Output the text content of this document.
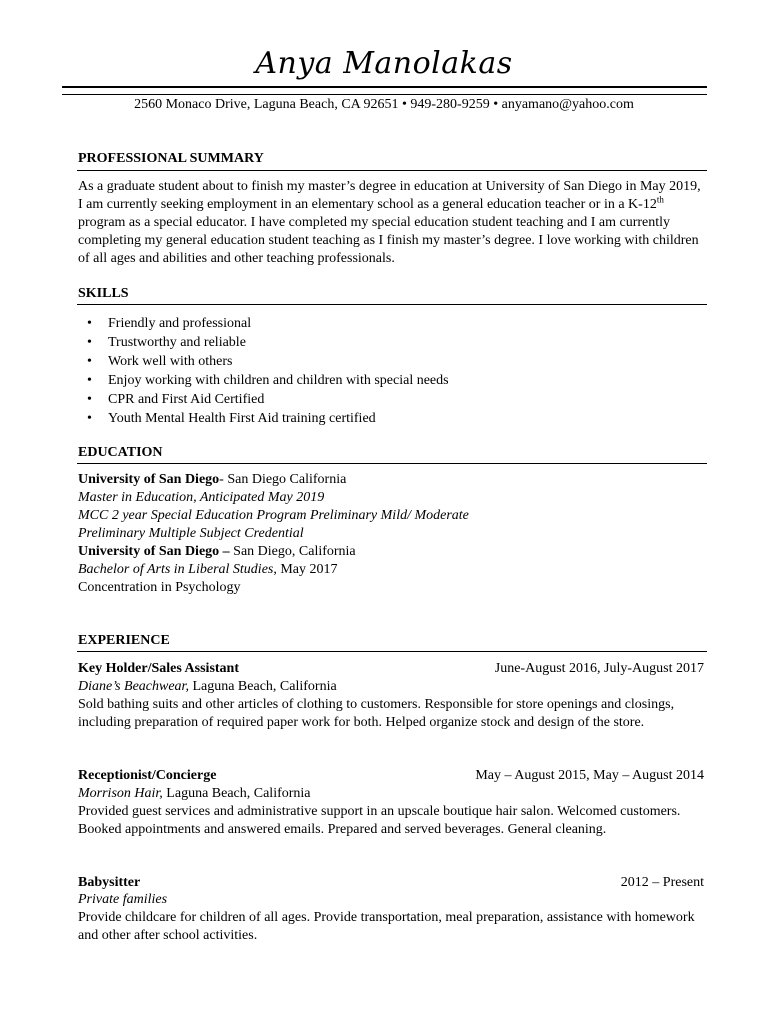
Anya Manolakas
2560 Monaco Drive, Laguna Beach, CA 92651 • 949-280-9259 • anyamano@yahoo.com
PROFESSIONAL SUMMARY
As a graduate student about to finish my master’s degree in education at University of San Diego in May 2019, I am currently seeking employment in an elementary school as a general education teacher or in a K-12th program as a special educator. I have completed my special education student teaching and I am currently completing my general education student teaching as I finish my master’s degree. I love working with children of all ages and abilities and other teaching professionals.
SKILLS
• Friendly and professional
• Trustworthy and reliable
• Work well with others
• Enjoy working with children and children with special needs
• CPR and First Aid Certified
• Youth Mental Health First Aid training certified
EDUCATION
University of San Diego- San Diego California
Master in Education, Anticipated May 2019
MCC 2 year Special Education Program Preliminary Mild/ Moderate
Preliminary Multiple Subject Credential
University of San Diego – San Diego, California
Bachelor of Arts in Liberal Studies, May 2017
Concentration in Psychology
EXPERIENCE
Key Holder/Sales Assistant	June-August 2016, July-August 2017
Diane’s Beachwear, Laguna Beach, California
Sold bathing suits and other articles of clothing to customers. Responsible for store openings and closings, including preparation of required paper work for both. Helped organize stock and design of the store.
Receptionist/Concierge	May – August 2015, May – August 2014
Morrison Hair, Laguna Beach, California
Provided guest services and administrative support in an upscale boutique hair salon. Welcomed customers. Booked appointments and answered emails. Prepared and served beverages. General cleaning.
Babysitter	2012 – Present
Private families
Provide childcare for children of all ages. Provide transportation, meal preparation, assistance with homework and other after school activities.
